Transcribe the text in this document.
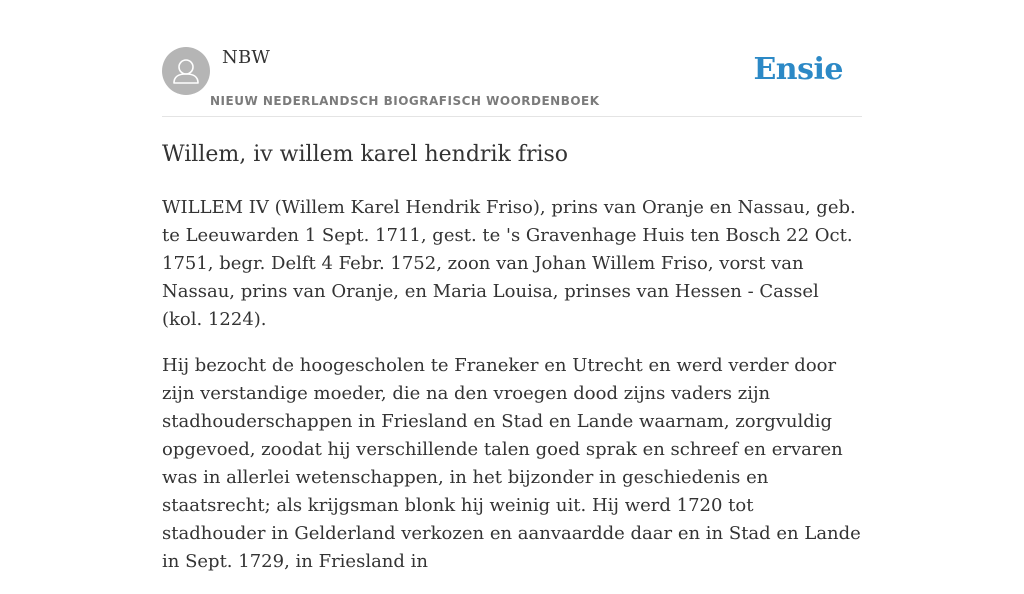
NBW
NIEUW NEDERLANDSCH BIOGRAFISCH WOORDENBOEK
Ensie
Willem, iv willem karel hendrik friso

WILLEM IV (Willem Karel Hendrik Friso), prins van Oranje en Nassau, geb. te Leeuwarden 1 Sept. 1711, gest. te 's Gravenhage Huis ten Bosch 22 Oct. 1751, begr. Delft 4 Febr. 1752, zoon van Johan Willem Friso, vorst van Nassau, prins van Oranje, en Maria Louisa, prinses van Hessen - Cassel (kol. 1224).

Hij bezocht de hoogescholen te Franeker en Utrecht en werd verder door zijn verstandige moeder, die na den vroegen dood zijns vaders zijn stadhouderschappen in Friesland en Stad en Lande waarnam, zorgvuldig opgevoed, zoodat hij verschillende talen goed sprak en schreef en ervaren was in allerlei wetenschappen, in het bijzonder in geschiedenis en staatsrecht; als krijgsman blonk hij weinig uit. Hij werd 1720 tot stadhouder in Gelderland verkozen en aanvaardde daar en in Stad en Lande in Sept. 1729, in Friesland in
